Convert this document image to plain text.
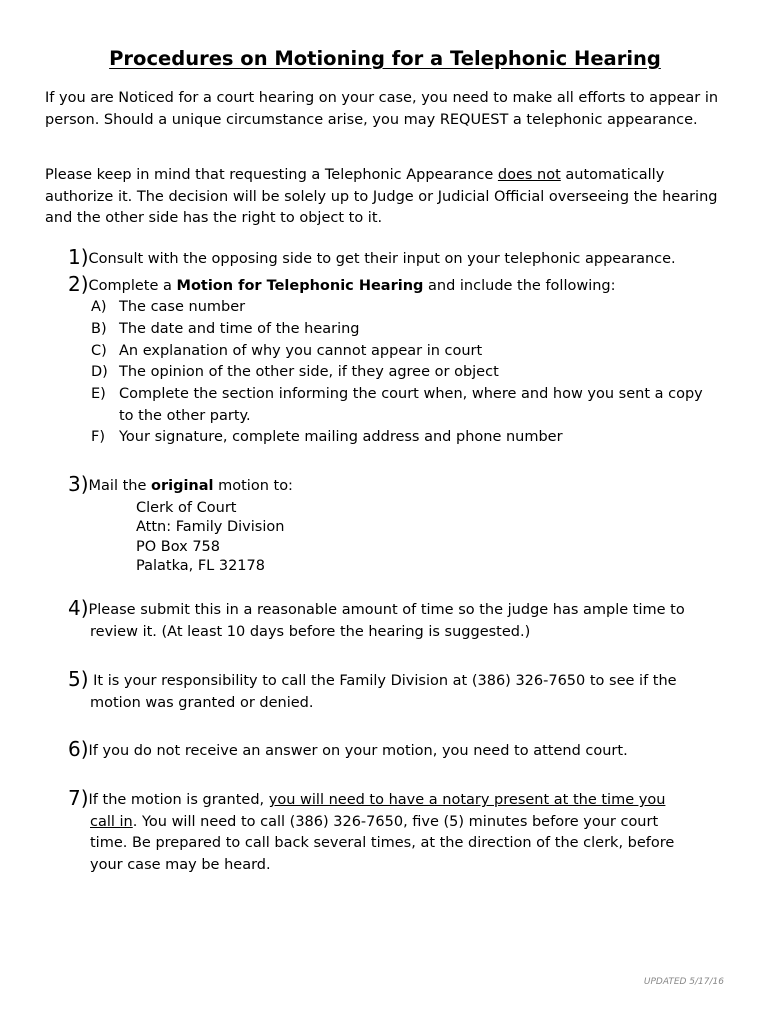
Procedures on Motioning for a Telephonic Hearing
If you are Noticed for a court hearing on your case, you need to make all efforts to appear in person. Should a unique circumstance arise, you may REQUEST a telephonic appearance.
Please keep in mind that requesting a Telephonic Appearance does not automatically authorize it. The decision will be solely up to Judge or Judicial Official overseeing the hearing and the other side has the right to object to it.
1)Consult with the opposing side to get their input on your telephonic appearance.
2)Complete a Motion for Telephonic Hearing and include the following:
A) The case number
B) The date and time of the hearing
C) An explanation of why you cannot appear in court
D) The opinion of the other side, if they agree or object
E) Complete the section informing the court when, where and how you sent a copy to the other party.
F) Your signature, complete mailing address and phone number
3)Mail the original motion to:
Clerk of Court
Attn: Family Division
PO Box 758
Palatka, FL 32178
4)Please submit this in a reasonable amount of time so the judge has ample time to
review it. (At least 10 days before the hearing is suggested.)
5) It is your responsibility to call the Family Division at (386) 326-7650 to see if the
motion was granted or denied.
6)If you do not receive an answer on your motion, you need to attend court.
7)If the motion is granted, you will need to have a notary present at the time you
call in. You will need to call (386) 326-7650, five (5) minutes before your court
time. Be prepared to call back several times, at the direction of the clerk, before
your case may be heard.
UPDATED 5/17/16
